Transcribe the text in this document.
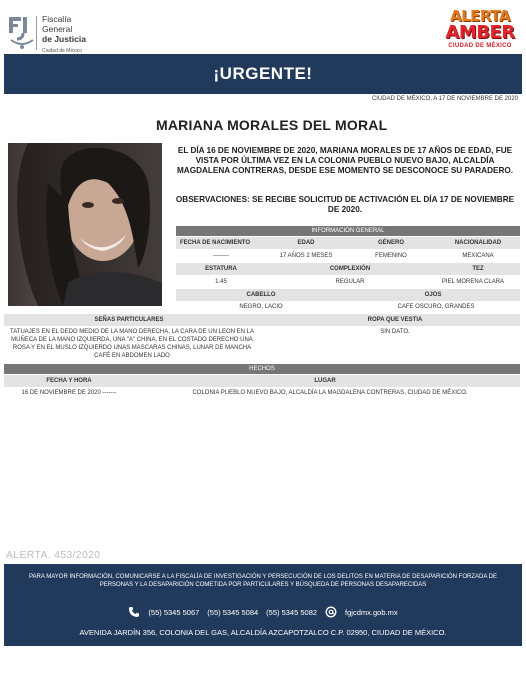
Fiscalía
General
de Justicia
Ciudad de México
ALERTA
AMBER
CIUDAD DE MÉXICO
¡URGENTE!
CIUDAD DE MÉXICO, A 17 DE NOVIEMBRE DE 2020
MARIANA MORALES DEL MORAL
EL DÍA 16 DE NOVIEMBRE DE 2020, MARIANA MORALES DE 17 AÑOS DE EDAD, FUE VISTA POR ÚLTIMA VEZ EN LA COLONIA PUEBLO NUEVO BAJO, ALCALDÍA MAGDALENA CONTRERAS, DESDE ESE MOMENTO SE DESCONOCE SU PARADERO.
OBSERVACIONES: SE RECIBE SOLICITUD DE ACTIVACIÓN EL DÍA 17 DE NOVIEMBRE DE 2020.
INFORMACIÓN GENERAL
FECHA DE NACIMIENTO	EDAD	GÉNERO	NACIONALIDAD
--------	17 AÑOS 2 MESES	FEMENINO	MEXICANA
ESTATURA	COMPLEXIÓN	TEZ
1.45	REGULAR	PIEL MORENA CLARA
CABELLO	OJOS
NEGRO, LACIO	CAFE OSCURO, GRANDES
SEÑAS PARTICULARES	ROPA QUE VESTIA
TATUAJES EN EL DEDO MEDIO DE LA MANO DERECHA, LA CARA DE UN LEON EN LA MUÑECA DE LA MANO IZQUIERDA, UNA "A" CHINA, EN EL COSTADO DERECHO UNA ROSA Y EN EL MUSLO IZQUIERDO UNAS MASCARAS CHINAS, LUNAR DE MANCHA CAFÉ EN ABDOMEN LADO
SIN DATO.
HECHOS
FECHA Y HORA	LUGAR
16 DE NOVIEMBRE DE 2020 -------	COLONIA PUEBLO NUEVO BAJO, ALCALDÍA LA MAGDALENA CONTRERAS, CIUDAD DE MÉXICO.
ALERTA. 453/2020
PARA MAYOR INFORMACIÓN, COMUNICARSE A LA FISCALÍA DE INVESTIGACIÓN Y PERSECUCIÓN DE LOS DELITOS EN MATERIA DE DESAPARICIÓN FORZADA DE PERSONAS Y LA DESAPARICIÓN COMETIDA POR PARTICULARES Y BÚSQUEDA DE PERSONAS DESAPARECIDAS
(55) 5345 5067 (55) 5345 5084 (55) 5345 5082	fgjcdmx.gob.mx
AVENIDA JARDÍN 356, COLONIA DEL GAS, ALCALDÍA AZCAPOTZALCO C.P. 02950, CIUDAD DE MÉXICO.
